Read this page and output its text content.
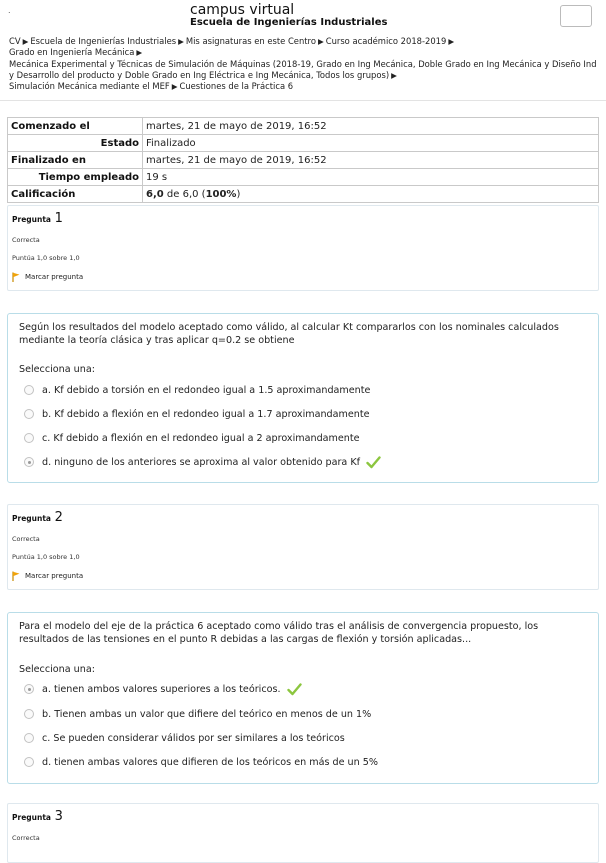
.	campus virtual
Escuela de Ingenierías Industriales
CV ▶ Escuela de Ingenierías Industriales ▶ Mis asignaturas en este Centro ▶ Curso académico 2018-2019 ▶
Grado en Ingeniería Mecánica ▶
Mecánica Experimental y Técnicas de Simulación de Máquinas (2018-19, Grado en Ing Mecánica, Doble Grado en Ing Mecánica y Diseño Ind y Desarrollo del producto y Doble Grado en Ing Eléctrica e Ing Mecánica, Todos los grupos) ▶
Simulación Mecánica mediante el MEF ▶ Cuestiones de la Práctica 6
Comenzado el	martes, 21 de mayo de 2019, 16:52
Estado	Finalizado
Finalizado en	martes, 21 de mayo de 2019, 16:52
Tiempo empleado	19 s
Calificación	6,0 de 6,0 (100%)
Pregunta 1
Correcta
Puntúa 1,0 sobre 1,0
Marcar pregunta
Según los resultados del modelo aceptado como válido, al calcular Kt compararlos con los nominales calculados mediante la teoría clásica y tras aplicar q=0.2 se obtiene
Selecciona una:
a. Kf debido a torsión en el redondeo igual a 1.5 aproximandamente
b. Kf debido a flexión en el redondeo igual a 1.7 aproximandamente
c. Kf debido a flexión en el redondeo igual a 2 aproximandamente
d. ninguno de los anteriores se aproxima al valor obtenido para Kf
Pregunta 2
Correcta
Puntúa 1,0 sobre 1,0
Marcar pregunta
Para el modelo del eje de la práctica 6 aceptado como válido tras el análisis de convergencia propuesto, los resultados de las tensiones en el punto R debidas a las cargas de flexión y torsión aplicadas...
Selecciona una:
a. tienen ambos valores superiores a los teóricos.
b. Tienen ambas un valor que difiere del teórico en menos de un 1%
c. Se pueden considerar válidos por ser similares a los teóricos
d. tienen ambas valores que difieren de los teóricos en más de un 5%
Pregunta 3
Correcta
